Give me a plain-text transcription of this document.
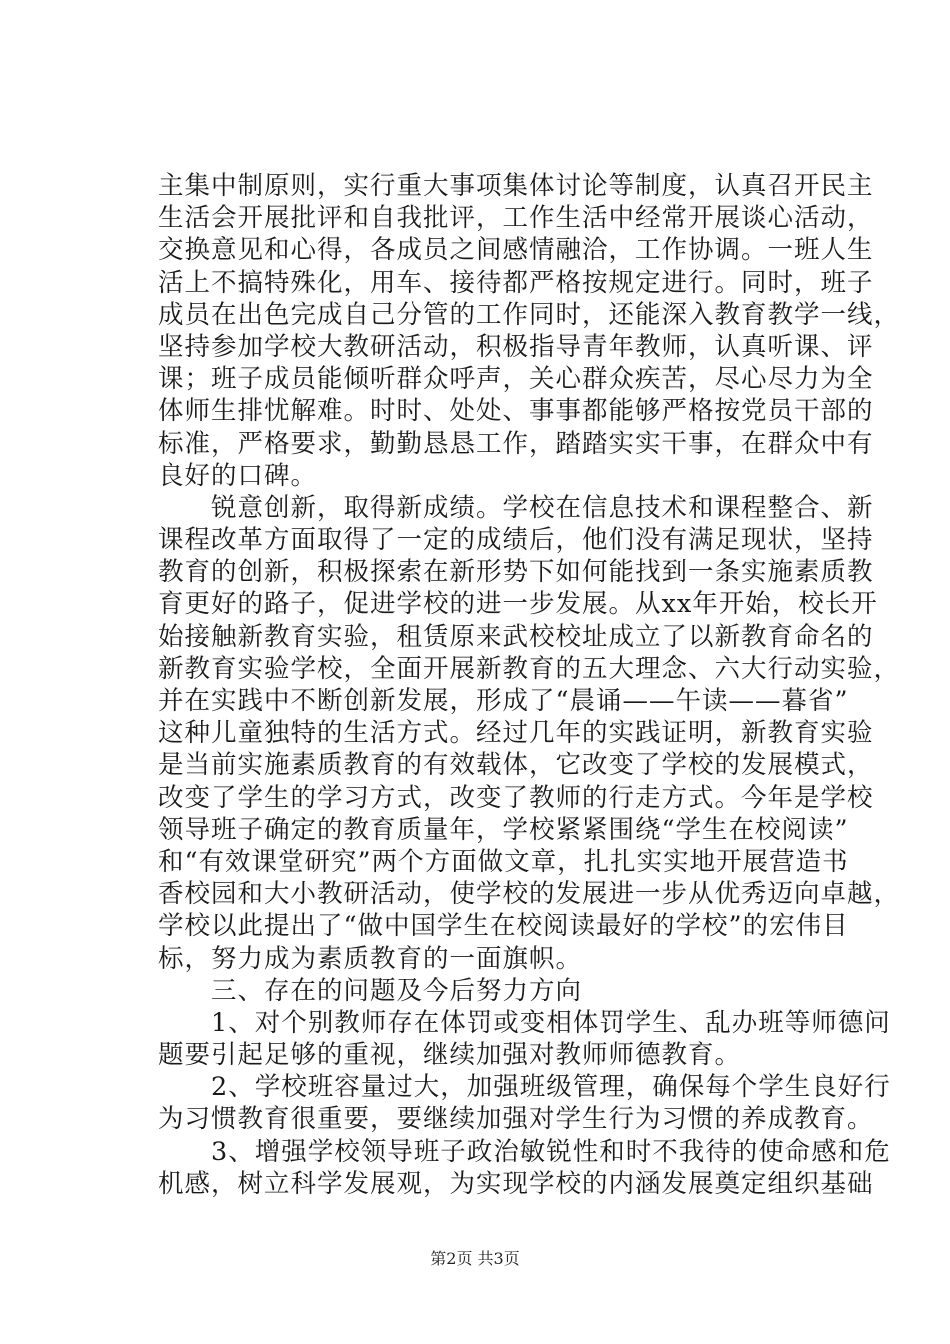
主集中制原则，实行重大事项集体讨论等制度，认真召开民主
生活会开展批评和自我批评，工作生活中经常开展谈心活动，
交换意见和心得，各成员之间感情融洽，工作协调。一班人生
活上不搞特殊化，用车、接待都严格按规定进行。同时，班子
成员在出色完成自己分管的工作同时，还能深入教育教学一线，
坚持参加学校大教研活动，积极指导青年教师，认真听课、评
课；班子成员能倾听群众呼声，关心群众疾苦，尽心尽力为全
体师生排忧解难。时时、处处、事事都能够严格按党员干部的
标准，严格要求，勤勤恳恳工作，踏踏实实干事，在群众中有
良好的口碑。
　　锐意创新，取得新成绩。学校在信息技术和课程整合、新
课程改革方面取得了一定的成绩后，他们没有满足现状，坚持
教育的创新，积极探索在新形势下如何能找到一条实施素质教
育更好的路子，促进学校的进一步发展。从xx年开始，校长开
始接触新教育实验，租赁原来武校校址成立了以新教育命名的
新教育实验学校，全面开展新教育的五大理念、六大行动实验，
并在实践中不断创新发展，形成了“晨诵——午读——暮省”
这种儿童独特的生活方式。经过几年的实践证明，新教育实验
是当前实施素质教育的有效载体，它改变了学校的发展模式，
改变了学生的学习方式，改变了教师的行走方式。今年是学校
领导班子确定的教育质量年，学校紧紧围绕“学生在校阅读”
和“有效课堂研究”两个方面做文章，扎扎实实地开展营造书
香校园和大小教研活动，使学校的发展进一步从优秀迈向卓越，
学校以此提出了“做中国学生在校阅读最好的学校”的宏伟目
标，努力成为素质教育的一面旗帜。
　　三、存在的问题及今后努力方向
　　1、对个别教师存在体罚或变相体罚学生、乱办班等师德问
题要引起足够的重视，继续加强对教师师德教育。
　　2、学校班容量过大，加强班级管理，确保每个学生良好行
为习惯教育很重要，要继续加强对学生行为习惯的养成教育。
　　3、增强学校领导班子政治敏锐性和时不我待的使命感和危
机感，树立科学发展观，为实现学校的内涵发展奠定组织基础
第2页 共3页
